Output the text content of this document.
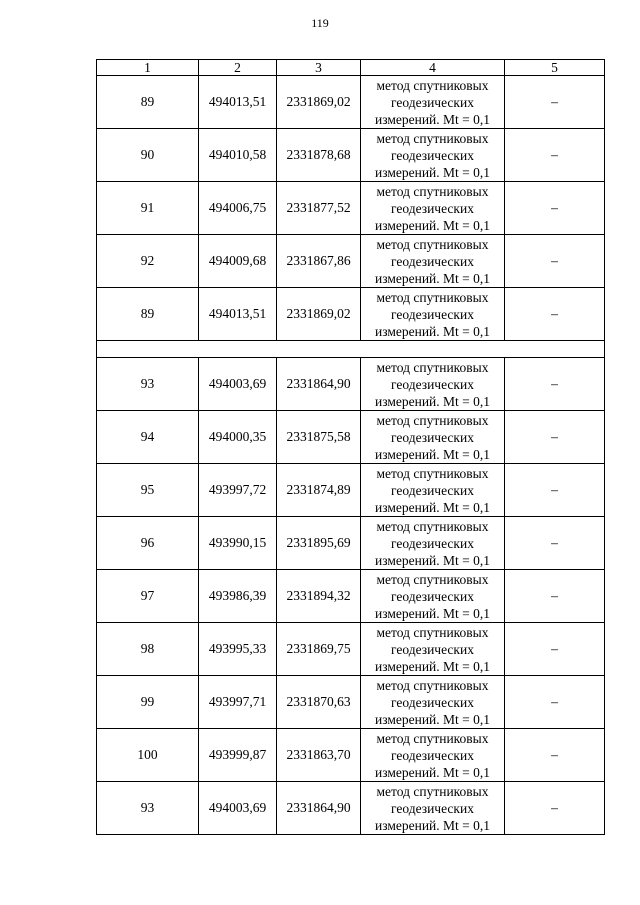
119
1	2	3	4	5
89	494013,51	2331869,02	метод спутниковых
геодезических
измерений. Mt = 0,1	–
90	494010,58	2331878,68	метод спутниковых
геодезических
измерений. Mt = 0,1	–
91	494006,75	2331877,52	метод спутниковых
геодезических
измерений. Mt = 0,1	–
92	494009,68	2331867,86	метод спутниковых
геодезических
измерений. Mt = 0,1	–
89	494013,51	2331869,02	метод спутниковых
геодезических
измерений. Mt = 0,1	–

93	494003,69	2331864,90	метод спутниковых
геодезических
измерений. Mt = 0,1	–
94	494000,35	2331875,58	метод спутниковых
геодезических
измерений. Mt = 0,1	–
95	493997,72	2331874,89	метод спутниковых
геодезических
измерений. Mt = 0,1	–
96	493990,15	2331895,69	метод спутниковых
геодезических
измерений. Mt = 0,1	–
97	493986,39	2331894,32	метод спутниковых
геодезических
измерений. Mt = 0,1	–
98	493995,33	2331869,75	метод спутниковых
геодезических
измерений. Mt = 0,1	–
99	493997,71	2331870,63	метод спутниковых
геодезических
измерений. Mt = 0,1	–
100	493999,87	2331863,70	метод спутниковых
геодезических
измерений. Mt = 0,1	–
93	494003,69	2331864,90	метод спутниковых
геодезических
измерений. Mt = 0,1	–
